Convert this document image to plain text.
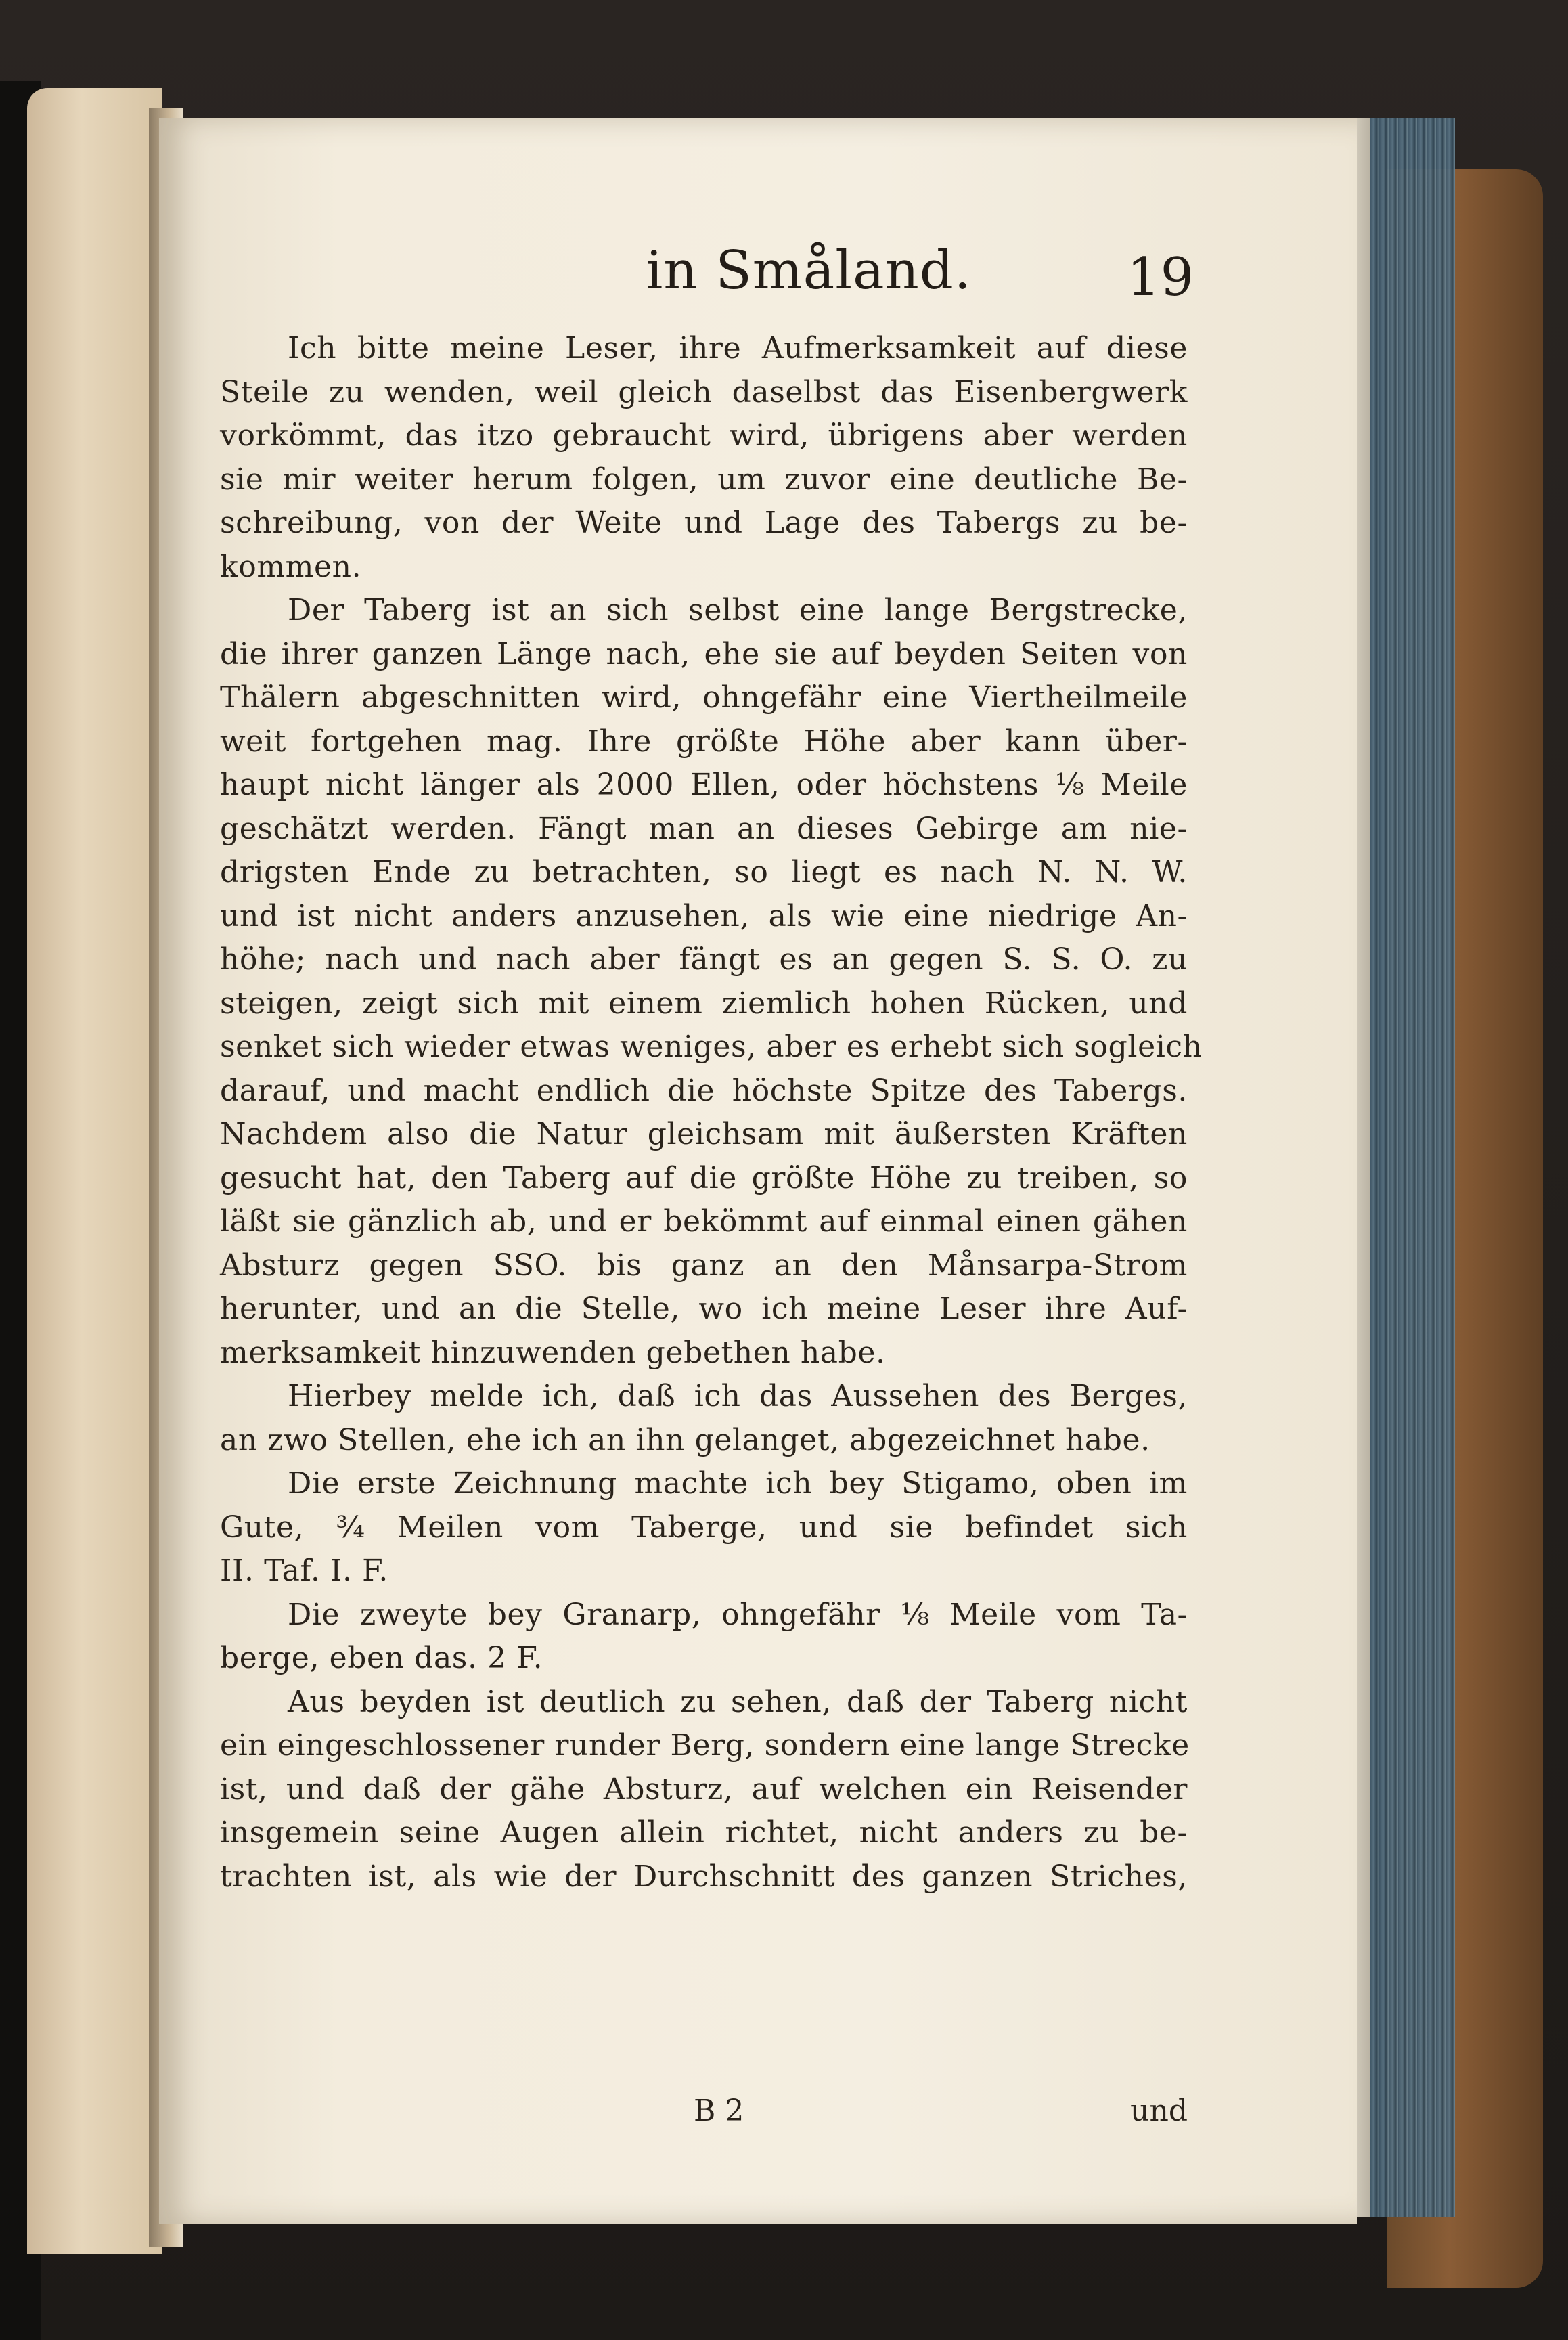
in Småland.	19
Ich bitte meine Leser, ihre Aufmerksamkeit auf diese
Steile zu wenden, weil gleich daselbst das Eisenbergwerk
vorkömmt, das itzo gebraucht wird, übrigens aber werden
sie mir weiter herum folgen, um zuvor eine deutliche Be-
schreibung, von der Weite und Lage des Tabergs zu be-
kommen.
Der Taberg ist an sich selbst eine lange Bergstrecke,
die ihrer ganzen Länge nach, ehe sie auf beyden Seiten von
Thälern abgeschnitten wird, ohngefähr eine Viertheilmeile
weit fortgehen mag. Ihre größte Höhe aber kann über-
haupt nicht länger als 2000 Ellen, oder höchstens ⅛ Meile
geschätzt werden. Fängt man an dieses Gebirge am nie-
drigsten Ende zu betrachten, so liegt es nach N. N. W.
und ist nicht anders anzusehen, als wie eine niedrige An-
höhe; nach und nach aber fängt es an gegen S. S. O. zu
steigen, zeigt sich mit einem ziemlich hohen Rücken, und
senket sich wieder etwas weniges, aber es erhebt sich sogleich
darauf, und macht endlich die höchste Spitze des Tabergs.
Nachdem also die Natur gleichsam mit äußersten Kräften
gesucht hat, den Taberg auf die größte Höhe zu treiben, so
läßt sie gänzlich ab, und er bekömmt auf einmal einen gähen
Absturz gegen SSO. bis ganz an den Månsarpa-Strom
herunter, und an die Stelle, wo ich meine Leser ihre Auf-
merksamkeit hinzuwenden gebethen habe.
Hierbey melde ich, daß ich das Aussehen des Berges,
an zwo Stellen, ehe ich an ihn gelanget, abgezeichnet habe.
Die erste Zeichnung machte ich bey Stigamo, oben im
Gute, ¾ Meilen vom Taberge, und sie befindet sich
II. Taf. I. F.
Die zweyte bey Granarp, ohngefähr ⅛ Meile vom Ta-
berge, eben das. 2 F.
Aus beyden ist deutlich zu sehen, daß der Taberg nicht
ein eingeschlossener runder Berg, sondern eine lange Strecke
ist, und daß der gähe Absturz, auf welchen ein Reisender
insgemein seine Augen allein richtet, nicht anders zu be-
trachten ist, als wie der Durchschnitt des ganzen Striches,
B 2	und
